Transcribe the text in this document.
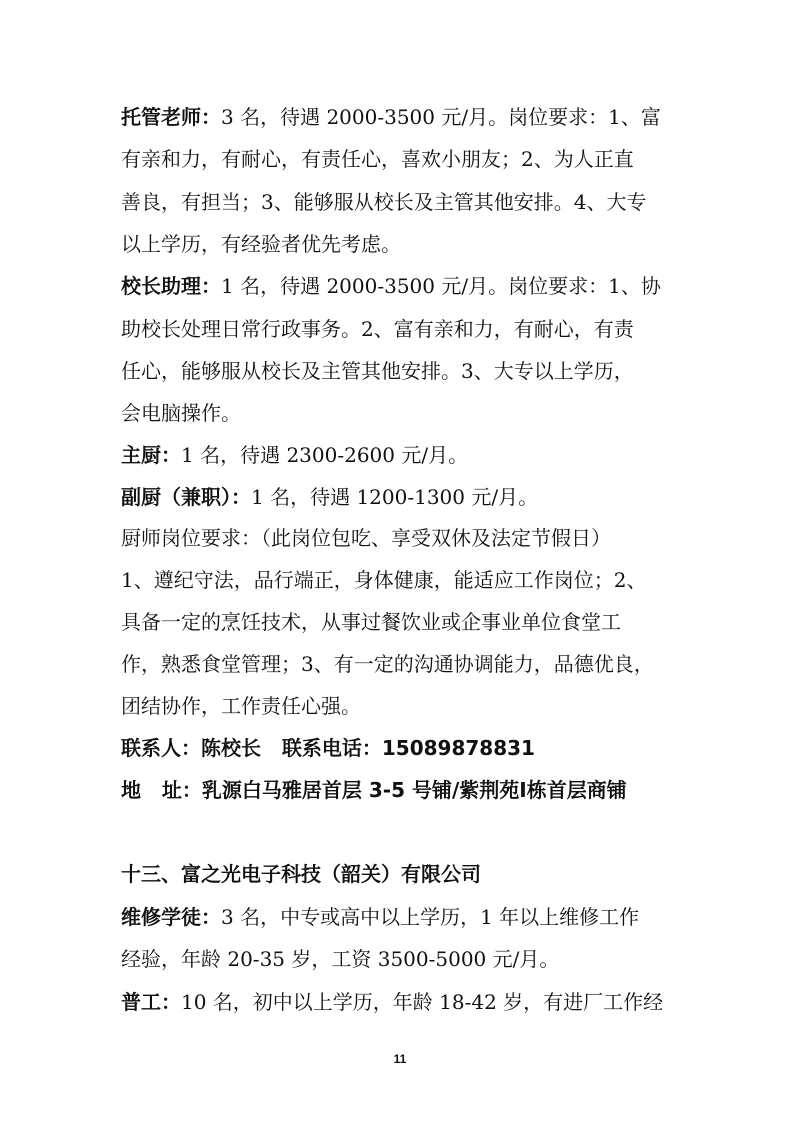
托管老师：3 名，待遇 2000-3500 元/月。岗位要求：1、富
有亲和力，有耐心，有责任心，喜欢小朋友；2、为人正直
善良，有担当；3、能够服从校长及主管其他安排。4、大专
以上学历，有经验者优先考虑。
校长助理：1 名，待遇 2000-3500 元/月。岗位要求：1、协
助校长处理日常行政事务。2、富有亲和力，有耐心，有责
任心，能够服从校长及主管其他安排。3、大专以上学历，
会电脑操作。
主厨：1 名，待遇 2300-2600 元/月。
副厨（兼职）：1 名，待遇 1200-1300 元/月。
厨师岗位要求：（此岗位包吃、享受双休及法定节假日）
1、遵纪守法，品行端正，身体健康，能适应工作岗位；2、
具备一定的烹饪技术，从事过餐饮业或企事业单位食堂工
作，熟悉食堂管理；3、有一定的沟通协调能力，品德优良，
团结协作，工作责任心强。
联系人：陈校长   联系电话：15089878831
地   址：乳源白马雅居首层 3-5 号铺/紫荆苑Ⅰ栋首层商铺
十三、富之光电子科技（韶关）有限公司
维修学徒：3 名，中专或高中以上学历，1 年以上维修工作
经验，年龄 20-35 岁，工资 3500-5000 元/月。
普工：10 名，初中以上学历，年龄 18-42 岁，有进厂工作经
11
